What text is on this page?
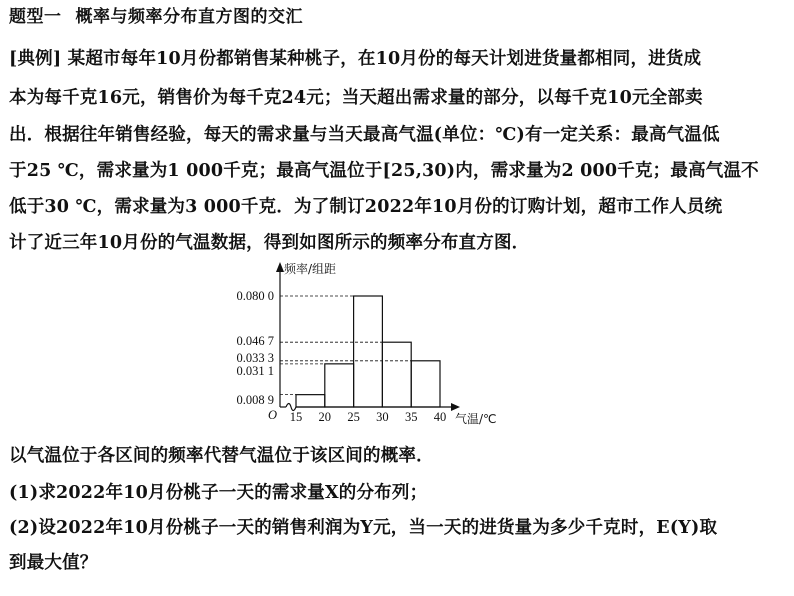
题型一 概率与频率分布直方图的交汇
[典例] 某超市每年10月份都销售某种桃子，在10月份的每天计划进货量都相同，进货成
本为每千克16元，销售价为每千克24元；当天超出需求量的部分，以每千克10元全部卖
出．根据往年销售经验，每天的需求量与当天最高气温(单位：℃)有一定关系：最高气温低
于25 ℃，需求量为1 000千克；最高气温位于[25,30)内，需求量为2 000千克；最高气温不
低于30 ℃，需求量为3 000千克．为了制订2022年10月份的订购计划，超市工作人员统
计了近三年10月份的气温数据，得到如图所示的频率分布直方图．
0.008 9
0.031 1
0.033 3
0.046 7
0.080 0
15 20 25 30 35 40
O
频率/组距
气温/℃
以气温位于各区间的频率代替气温位于该区间的概率．
(1)求2022年10月份桃子一天的需求量X的分布列；
(2)设2022年10月份桃子一天的销售利润为Y元，当一天的进货量为多少千克时，E(Y)取
到最大值？
